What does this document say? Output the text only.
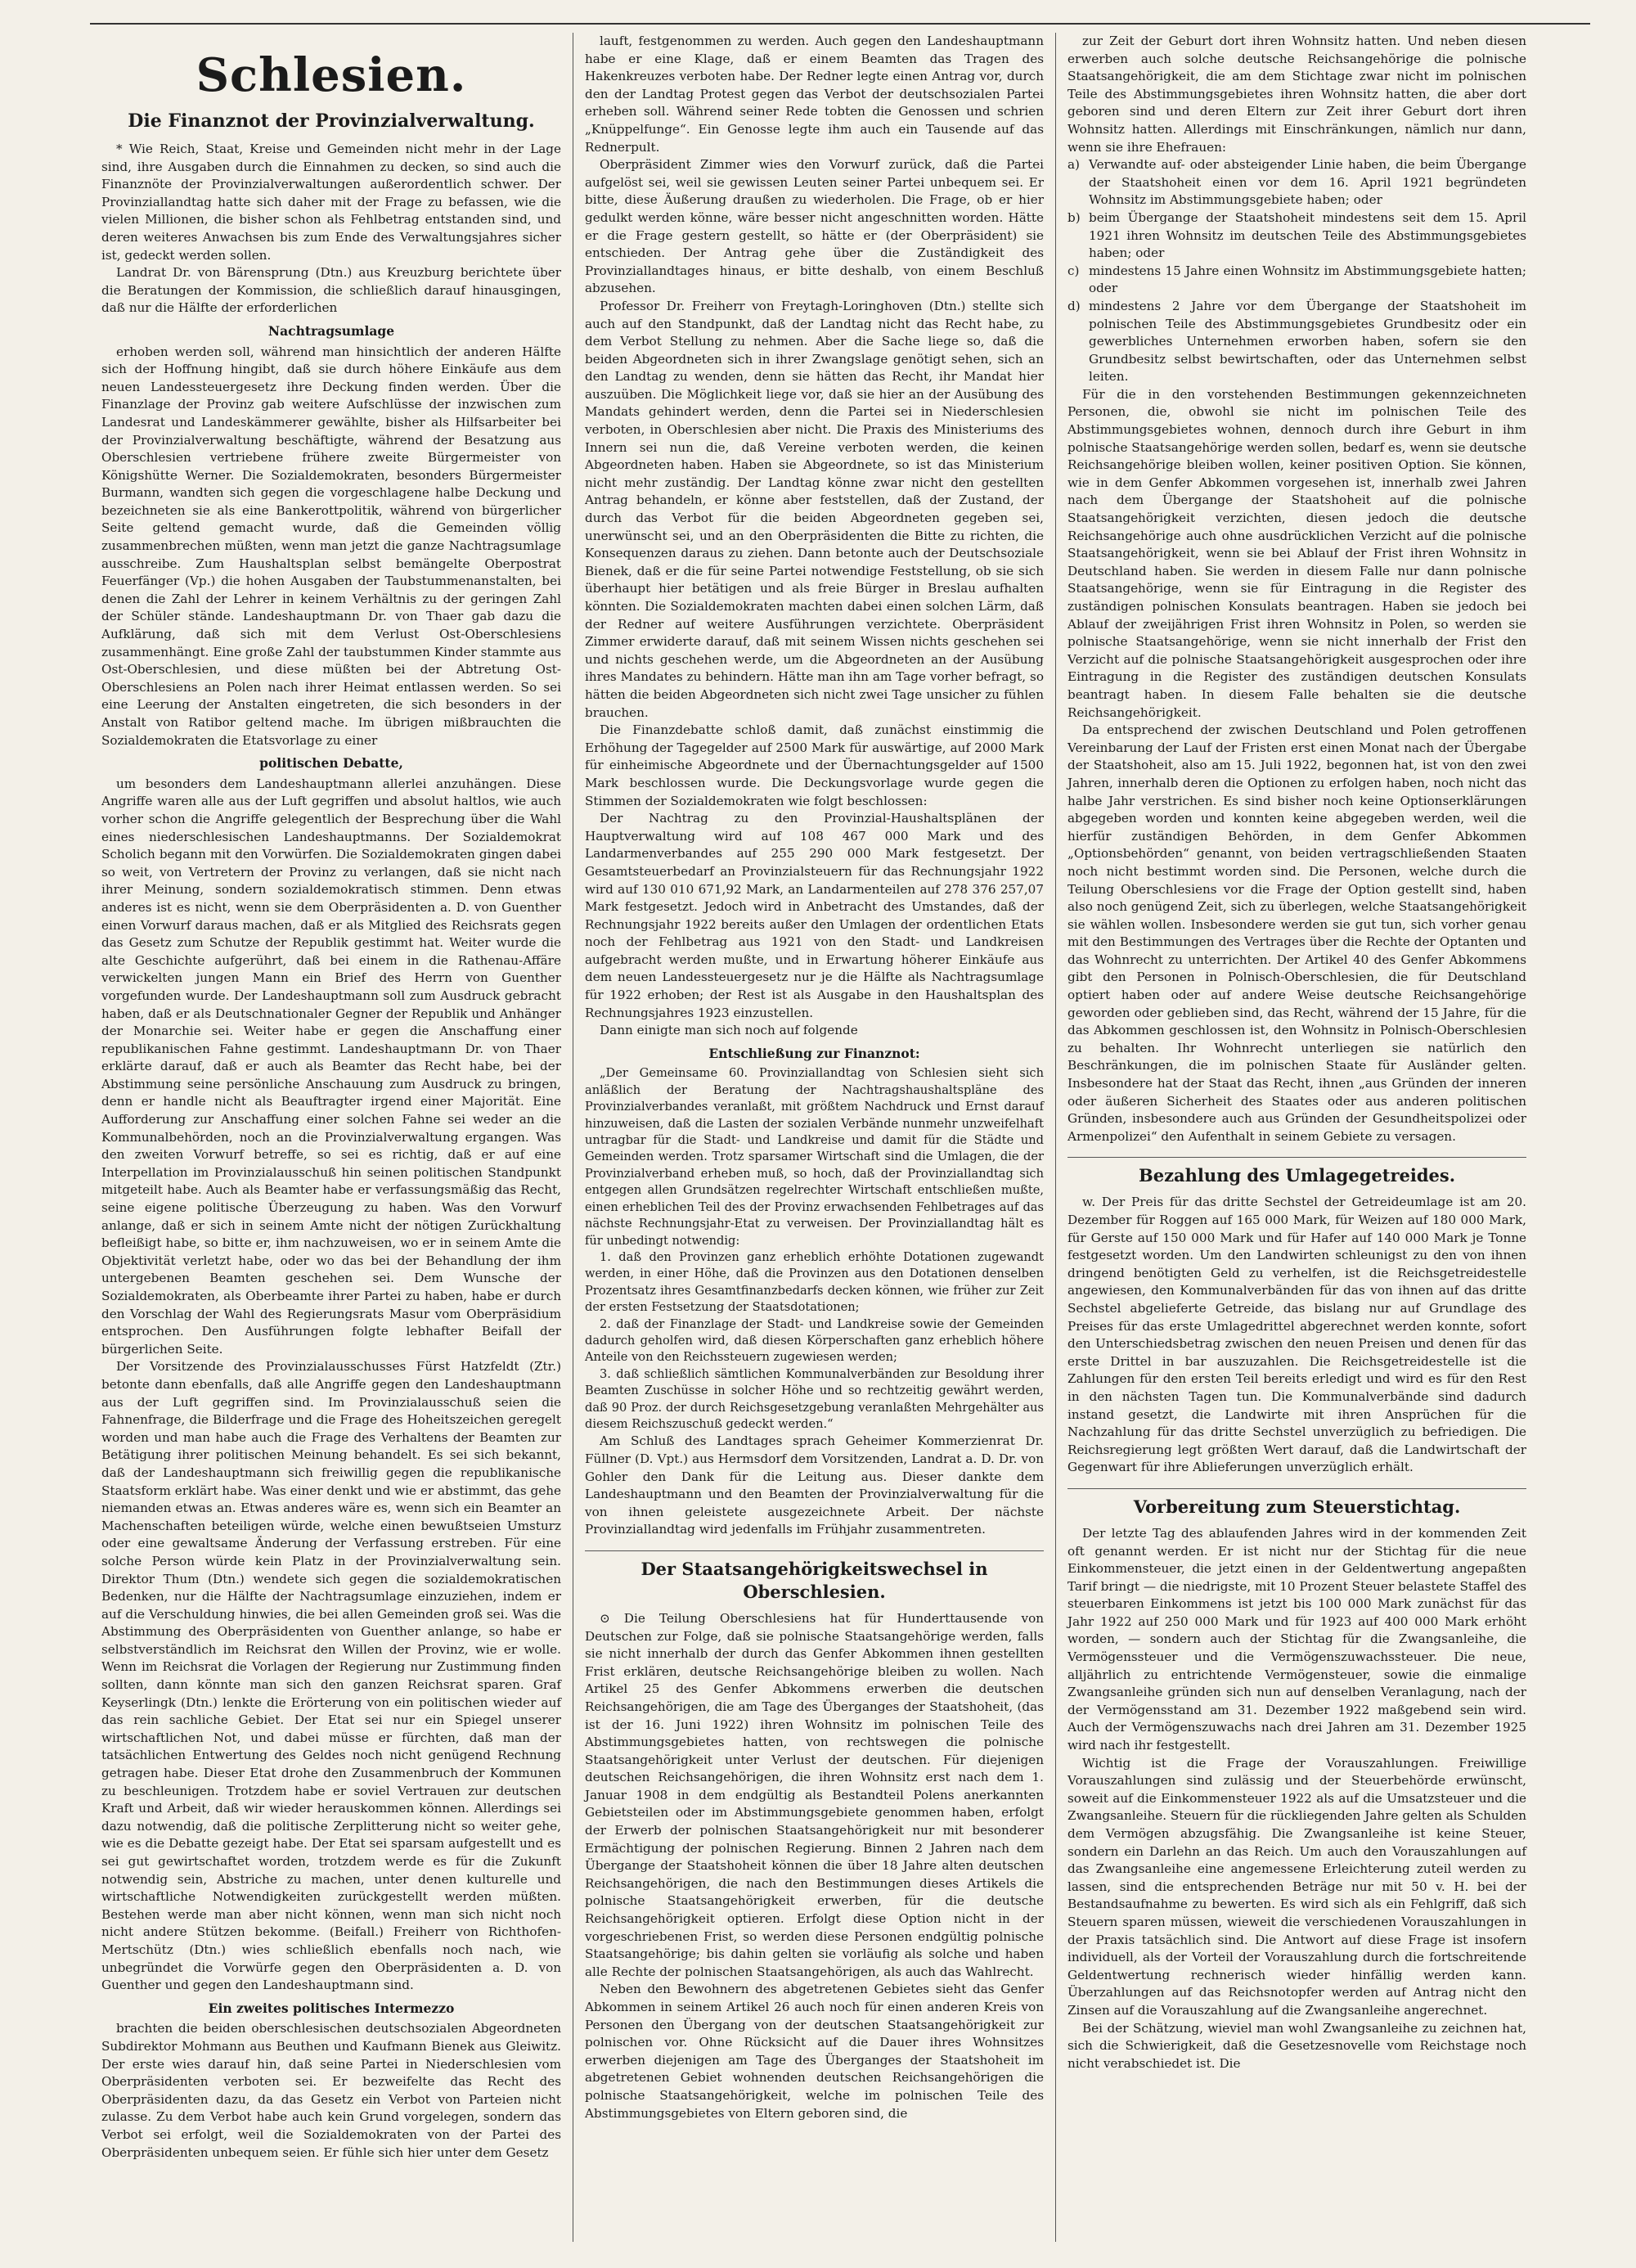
Schlesien.
Die Finanznot der Provinzialverwaltung.

* Wie Reich, Staat, Kreise und Gemeinden nicht mehr in der Lage sind, ihre Ausgaben durch die Einnahmen zu decken, so sind auch die Finanznöte der Provinzialverwaltungen außerordentlich schwer. Der Provinziallandtag hatte sich daher mit der Frage zu befassen, wie die vielen Millionen, die bisher schon als Fehlbetrag entstanden sind, und deren weiteres Anwachsen bis zum Ende des Verwaltungsjahres sicher ist, gedeckt werden sollen.

Landrat Dr. von Bärensprung (Dtn.) aus Kreuzburg berichtete über die Beratungen der Kommission, die schließlich darauf hinausgingen, daß nur die Hälfte der erforderlichen

Nachtragsumlage

erhoben werden soll, während man hinsichtlich der anderen Hälfte sich der Hoffnung hingibt, daß sie durch höhere Einkäufe aus dem neuen Landessteuergesetz ihre Deckung finden werden. Über die Finanzlage der Provinz gab weitere Aufschlüsse der inzwischen zum Landesrat und Landeskämmerer gewählte, bisher als Hilfsarbeiter bei der Provinzialverwaltung beschäftigte, während der Besatzung aus Oberschlesien vertriebene frühere zweite Bürgermeister von Königshütte Werner. Die Sozialdemokraten, besonders Bürgermeister Burmann, wandten sich gegen die vorgeschlagene halbe Deckung und bezeichneten sie als eine Bankerottpolitik, während von bürgerlicher Seite geltend gemacht wurde, daß die Gemeinden völlig zusammenbrechen müßten, wenn man jetzt die ganze Nachtragsumlage ausschreibe. Zum Haushaltsplan selbst bemängelte Oberpostrat Feuerfänger (Vp.) die hohen Ausgaben der Taubstummenanstalten, bei denen die Zahl der Lehrer in keinem Verhältnis zu der geringen Zahl der Schüler stände. Landeshauptmann Dr. von Thaer gab dazu die Aufklärung, daß sich mit dem Verlust Ost-Oberschlesiens zusammenhängt. Eine große Zahl der taubstummen Kinder stammte aus Ost-Oberschlesien, und diese müßten bei der Abtretung Ost-Oberschlesiens an Polen nach ihrer Heimat entlassen werden. So sei eine Leerung der Anstalten eingetreten, die sich besonders in der Anstalt von Ratibor geltend mache. Im übrigen mißbrauchten die Sozialdemokraten die Etatsvorlage zu einer

politischen Debatte,

um besonders dem Landeshauptmann allerlei anzuhängen. Diese Angriffe waren alle aus der Luft gegriffen und absolut haltlos, wie auch vorher schon die Angriffe gelegentlich der Besprechung über die Wahl eines niederschlesischen Landeshauptmanns. Der Sozialdemokrat Scholich begann mit den Vorwürfen. Die Sozialdemokraten gingen dabei so weit, von Vertretern der Provinz zu verlangen, daß sie nicht nach ihrer Meinung, sondern sozialdemokratisch stimmen. Denn etwas anderes ist es nicht, wenn sie dem Oberpräsidenten a. D. von Guenther einen Vorwurf daraus machen, daß er als Mitglied des Reichsrats gegen das Gesetz zum Schutze der Republik gestimmt hat. Weiter wurde die alte Geschichte aufgerührt, daß bei einem in die Rathenau-Affäre verwickelten jungen Mann ein Brief des Herrn von Guenther vorgefunden wurde. Der Landeshauptmann soll zum Ausdruck gebracht haben, daß er als Deutschnationaler Gegner der Republik und Anhänger der Monarchie sei. Weiter habe er gegen die Anschaffung einer republikanischen Fahne gestimmt. Landeshauptmann Dr. von Thaer erklärte darauf, daß er auch als Beamter das Recht habe, bei der Abstimmung seine persönliche Anschauung zum Ausdruck zu bringen, denn er handle nicht als Beauftragter irgend einer Majorität. Eine Aufforderung zur Anschaffung einer solchen Fahne sei weder an die Kommunalbehörden, noch an die Provinzialverwaltung ergangen. Was den zweiten Vorwurf betreffe, so sei es richtig, daß er auf eine Interpellation im Provinzialausschuß hin seinen politischen Standpunkt mitgeteilt habe. Auch als Beamter habe er verfassungsmäßig das Recht, seine eigene politische Überzeugung zu haben. Was den Vorwurf anlange, daß er sich in seinem Amte nicht der nötigen Zurückhaltung befleißigt habe, so bitte er, ihm nachzuweisen, wo er in seinem Amte die Objektivität verletzt habe, oder wo das bei der Behandlung der ihm untergebenen Beamten geschehen sei. Dem Wunsche der Sozialdemokraten, als Oberbeamte ihrer Partei zu haben, habe er durch den Vorschlag der Wahl des Regierungsrats Masur vom Oberpräsidium entsprochen. Den Ausführungen folgte lebhafter Beifall der bürgerlichen Seite.

Der Vorsitzende des Provinzialausschusses Fürst Hatzfeldt (Ztr.) betonte dann ebenfalls, daß alle Angriffe gegen den Landeshauptmann aus der Luft gegriffen sind. Im Provinzialausschuß seien die Fahnenfrage, die Bilderfrage und die Frage des Hoheitszeichen geregelt worden und man habe auch die Frage des Verhaltens der Beamten zur Betätigung ihrer politischen Meinung behandelt. Es sei sich bekannt, daß der Landeshauptmann sich freiwillig gegen die republikanische Staatsform erklärt habe. Was einer denkt und wie er abstimmt, das gehe niemanden etwas an. Etwas anderes wäre es, wenn sich ein Beamter an Machenschaften beteiligen würde, welche einen bewußtseien Umsturz oder eine gewaltsame Änderung der Verfassung erstreben. Für eine solche Person würde kein Platz in der Provinzialverwaltung sein. Direktor Thum (Dtn.) wendete sich gegen die sozialdemokratischen Bedenken, nur die Hälfte der Nachtragsumlage einzuziehen, indem er auf die Verschuldung hinwies, die bei allen Gemeinden groß sei. Was die Abstimmung des Oberpräsidenten von Guenther anlange, so habe er selbstverständlich im Reichsrat den Willen der Provinz, wie er wolle. Wenn im Reichsrat die Vorlagen der Regierung nur Zustimmung finden sollten, dann könnte man sich den ganzen Reichsrat sparen. Graf Keyserlingk (Dtn.) lenkte die Erörterung von ein politischen wieder auf das rein sachliche Gebiet. Der Etat sei nur ein Spiegel unserer wirtschaftlichen Not, und dabei müsse er fürchten, daß man der tatsächlichen Entwertung des Geldes noch nicht genügend Rechnung getragen habe. Dieser Etat drohe den Zusammenbruch der Kommunen zu beschleunigen. Trotzdem habe er soviel Vertrauen zur deutschen Kraft und Arbeit, daß wir wieder herauskommen können. Allerdings sei dazu notwendig, daß die politische Zerplitterung nicht so weiter gehe, wie es die Debatte gezeigt habe. Der Etat sei sparsam aufgestellt und es sei gut gewirtschaftet worden, trotzdem werde es für die Zukunft notwendig sein, Abstriche zu machen, unter denen kulturelle und wirtschaftliche Notwendigkeiten zurückgestellt werden müßten. Bestehen werde man aber nicht können, wenn man sich nicht noch nicht andere Stützen bekomme. (Beifall.) Freiherr von Richthofen-Mertschütz (Dtn.) wies schließlich ebenfalls noch nach, wie unbegründet die Vorwürfe gegen den Oberpräsidenten a. D. von Guenther und gegen den Landeshauptmann sind.

Ein zweites politisches Intermezzo

brachten die beiden oberschlesischen deutschsozialen Abgeordneten Subdirektor Mohmann aus Beuthen und Kaufmann Bienek aus Gleiwitz. Der erste wies darauf hin, daß seine Partei in Niederschlesien vom Oberpräsidenten verboten sei. Er bezweifelte das Recht des Oberpräsidenten dazu, da das Gesetz ein Verbot von Parteien nicht zulasse. Zu dem Verbot habe auch kein Grund vorgelegen, sondern das Verbot sei erfolgt, weil die Sozialdemokraten von der Partei des Oberpräsidenten unbequem seien. Er fühle sich hier unter dem Gesetz

lauft, festgenommen zu werden. Auch gegen den Landeshauptmann habe er eine Klage, daß er einem Beamten das Tragen des Hakenkreuzes verboten habe. Der Redner legte einen Antrag vor, durch den der Landtag Protest gegen das Verbot der deutschsozialen Partei erheben soll. Während seiner Rede tobten die Genossen und schrien „Knüppelfunge“. Ein Genosse legte ihm auch ein Tausende auf das Rednerpult.

Oberpräsident Zimmer wies den Vorwurf zurück, daß die Partei aufgelöst sei, weil sie gewissen Leuten seiner Partei unbequem sei. Er bitte, diese Äußerung draußen zu wiederholen. Die Frage, ob er hier gedulkt werden könne, wäre besser nicht angeschnitten worden. Hätte er die Frage gestern gestellt, so hätte er (der Oberpräsident) sie entschieden. Der Antrag gehe über die Zuständigkeit des Provinziallandtages hinaus, er bitte deshalb, von einem Beschluß abzusehen.

Professor Dr. Freiherr von Freytagh-Loringhoven (Dtn.) stellte sich auch auf den Standpunkt, daß der Landtag nicht das Recht habe, zu dem Verbot Stellung zu nehmen. Aber die Sache liege so, daß die beiden Abgeordneten sich in ihrer Zwangslage genötigt sehen, sich an den Landtag zu wenden, denn sie hätten das Recht, ihr Mandat hier auszuüben. Die Möglichkeit liege vor, daß sie hier an der Ausübung des Mandats gehindert werden, denn die Partei sei in Niederschlesien verboten, in Oberschlesien aber nicht. Die Praxis des Ministeriums des Innern sei nun die, daß Vereine verboten werden, die keinen Abgeordneten haben. Haben sie Abgeordnete, so ist das Ministerium nicht mehr zuständig. Der Landtag könne zwar nicht den gestellten Antrag behandeln, er könne aber feststellen, daß der Zustand, der durch das Verbot für die beiden Abgeordneten gegeben sei, unerwünscht sei, und an den Oberpräsidenten die Bitte zu richten, die Konsequenzen daraus zu ziehen. Dann betonte auch der Deutschsoziale Bienek, daß er die für seine Partei notwendige Feststellung, ob sie sich überhaupt hier betätigen und als freie Bürger in Breslau aufhalten könnten. Die Sozialdemokraten machten dabei einen solchen Lärm, daß der Redner auf weitere Ausführungen verzichtete. Oberpräsident Zimmer erwiderte darauf, daß mit seinem Wissen nichts geschehen sei und nichts geschehen werde, um die Abgeordneten an der Ausübung ihres Mandates zu behindern. Hätte man ihn am Tage vorher befragt, so hätten die beiden Abgeordneten sich nicht zwei Tage unsicher zu fühlen brauchen.

Die Finanzdebatte schloß damit, daß zunächst einstimmig die Erhöhung der Tagegelder auf 2500 Mark für auswärtige, auf 2000 Mark für einheimische Abgeordnete und der Übernachtungsgelder auf 1500 Mark beschlossen wurde. Die Deckungsvorlage wurde gegen die Stimmen der Sozialdemokraten wie folgt beschlossen:

Der Nachtrag zu den Provinzial-Haushaltsplänen der Hauptverwaltung wird auf 108 467 000 Mark und des Landarmenverbandes auf 255 290 000 Mark festgesetzt. Der Gesamtsteuerbedarf an Provinzialsteuern für das Rechnungsjahr 1922 wird auf 130 010 671,92 Mark, an Landarmenteilen auf 278 376 257,07 Mark festgesetzt. Jedoch wird in Anbetracht des Umstandes, daß der Rechnungsjahr 1922 bereits außer den Umlagen der ordentlichen Etats noch der Fehlbetrag aus 1921 von den Stadt- und Landkreisen aufgebracht werden mußte, und in Erwartung höherer Einkäufe aus dem neuen Landessteuergesetz nur je die Hälfte als Nachtragsumlage für 1922 erhoben; der Rest ist als Ausgabe in den Haushaltsplan des Rechnungsjahres 1923 einzustellen.

Dann einigte man sich noch auf folgende

Entschließung zur Finanznot:

„Der Gemeinsame 60. Provinziallandtag von Schlesien sieht sich anläßlich der Beratung der Nachtragshaushaltspläne des Provinzialverbandes veranlaßt, mit größtem Nachdruck und Ernst darauf hinzuweisen, daß die Lasten der sozialen Verbände nunmehr unzweifelhaft untragbar für die Stadt- und Landkreise und damit für die Städte und Gemeinden werden. Trotz sparsamer Wirtschaft sind die Umlagen, die der Provinzialverband erheben muß, so hoch, daß der Provinziallandtag sich entgegen allen Grundsätzen regelrechter Wirtschaft entschließen mußte, einen erheblichen Teil des der Provinz erwachsenden Fehlbetrages auf das nächste Rechnungsjahr-Etat zu verweisen. Der Provinziallandtag hält es für unbedingt notwendig:

1. daß den Provinzen ganz erheblich erhöhte Dotationen zugewandt werden, in einer Höhe, daß die Provinzen aus den Dotationen denselben Prozentsatz ihres Gesamtfinanzbedarfs decken können, wie früher zur Zeit der ersten Festsetzung der Staatsdotationen;

2. daß der Finanzlage der Stadt- und Landkreise sowie der Gemeinden dadurch geholfen wird, daß diesen Körperschaften ganz erheblich höhere Anteile von den Reichssteuern zugewiesen werden;

3. daß schließlich sämtlichen Kommunalverbänden zur Besoldung ihrer Beamten Zuschüsse in solcher Höhe und so rechtzeitig gewährt werden, daß 90 Proz. der durch Reichsgesetzgebung veranlaßten Mehrgehälter aus diesem Reichszuschuß gedeckt werden.“

Am Schluß des Landtages sprach Geheimer Kommerzienrat Dr. Füllner (D. Vpt.) aus Hermsdorf dem Vorsitzenden, Landrat a. D. Dr. von Gohler den Dank für die Leitung aus. Dieser dankte dem Landeshauptmann und den Beamten der Provinzialverwaltung für die von ihnen geleistete ausgezeichnete Arbeit. Der nächste Provinziallandtag wird jedenfalls im Frühjahr zusammentreten.

Der Staatsangehörigkeitswechsel in Oberschlesien.

⊙ Die Teilung Oberschlesiens hat für Hunderttausende von Deutschen zur Folge, daß sie polnische Staatsangehörige werden, falls sie nicht innerhalb der durch das Genfer Abkommen ihnen gestellten Frist erklären, deutsche Reichsangehörige bleiben zu wollen. Nach Artikel 25 des Genfer Abkommens erwerben die deutschen Reichsangehörigen, die am Tage des Überganges der Staatshoheit, (das ist der 16. Juni 1922) ihren Wohnsitz im polnischen Teile des Abstimmungsgebietes hatten, von rechtswegen die polnische Staatsangehörigkeit unter Verlust der deutschen. Für diejenigen deutschen Reichsangehörigen, die ihren Wohnsitz erst nach dem 1. Januar 1908 in dem endgültig als Bestandteil Polens anerkannten Gebietsteilen oder im Abstimmungsgebiete genommen haben, erfolgt der Erwerb der polnischen Staatsangehörigkeit nur mit besonderer Ermächtigung der polnischen Regierung. Binnen 2 Jahren nach dem Übergange der Staatshoheit können die über 18 Jahre alten deutschen Reichsangehörigen, die nach den Bestimmungen dieses Artikels die polnische Staatsangehörigkeit erwerben, für die deutsche Reichsangehörigkeit optieren. Erfolgt diese Option nicht in der vorgeschriebenen Frist, so werden diese Personen endgültig polnische Staatsangehörige; bis dahin gelten sie vorläufig als solche und haben alle Rechte der polnischen Staatsangehörigen, als auch das Wahlrecht.

Neben den Bewohnern des abgetretenen Gebietes sieht das Genfer Abkommen in seinem Artikel 26 auch noch für einen anderen Kreis von Personen den Übergang von der deutschen Staatsangehörigkeit zur polnischen vor. Ohne Rücksicht auf die Dauer ihres Wohnsitzes erwerben diejenigen am Tage des Überganges der Staatshoheit im abgetretenen Gebiet wohnenden deutschen Reichsangehörigen die polnische Staatsangehörigkeit, welche im polnischen Teile des Abstimmungsgebietes von Eltern geboren sind, die

zur Zeit der Geburt dort ihren Wohnsitz hatten. Und neben diesen erwerben auch solche deutsche Reichsangehörige die polnische Staatsangehörigkeit, die am dem Stichtage zwar nicht im polnischen Teile des Abstimmungsgebietes ihren Wohnsitz hatten, die aber dort geboren sind und deren Eltern zur Zeit ihrer Geburt dort ihren Wohnsitz hatten. Allerdings mit Einschränkungen, nämlich nur dann, wenn sie ihre Ehefrauen:

a) Verwandte auf- oder absteigender Linie haben, die beim Übergange der Staatshoheit einen vor dem 16. April 1921 begründeten Wohnsitz im Abstimmungsgebiete haben; oder

b) beim Übergange der Staatshoheit mindestens seit dem 15. April 1921 ihren Wohnsitz im deutschen Teile des Abstimmungsgebietes haben; oder

c) mindestens 15 Jahre einen Wohnsitz im Abstimmungsgebiete hatten; oder

d) mindestens 2 Jahre vor dem Übergange der Staatshoheit im polnischen Teile des Abstimmungsgebietes Grundbesitz oder ein gewerbliches Unternehmen erworben haben, sofern sie den Grundbesitz selbst bewirtschaften, oder das Unternehmen selbst leiten.

Für die in den vorstehenden Bestimmungen gekennzeichneten Personen, die, obwohl sie nicht im polnischen Teile des Abstimmungsgebietes wohnen, dennoch durch ihre Geburt in ihm polnische Staatsangehörige werden sollen, bedarf es, wenn sie deutsche Reichsangehörige bleiben wollen, keiner positiven Option. Sie können, wie in dem Genfer Abkommen vorgesehen ist, innerhalb zwei Jahren nach dem Übergange der Staatshoheit auf die polnische Staatsangehörigkeit verzichten, diesen jedoch die deutsche Reichsangehörige auch ohne ausdrücklichen Verzicht auf die polnische Staatsangehörigkeit, wenn sie bei Ablauf der Frist ihren Wohnsitz in Deutschland haben. Sie werden in diesem Falle nur dann polnische Staatsangehörige, wenn sie für Eintragung in die Register des zuständigen polnischen Konsulats beantragen. Haben sie jedoch bei Ablauf der zweijährigen Frist ihren Wohnsitz in Polen, so werden sie polnische Staatsangehörige, wenn sie nicht innerhalb der Frist den Verzicht auf die polnische Staatsangehörigkeit ausgesprochen oder ihre Eintragung in die Register des zuständigen deutschen Konsulats beantragt haben. In diesem Falle behalten sie die deutsche Reichsangehörigkeit.

Da entsprechend der zwischen Deutschland und Polen getroffenen Vereinbarung der Lauf der Fristen erst einen Monat nach der Übergabe der Staatshoheit, also am 15. Juli 1922, begonnen hat, ist von den zwei Jahren, innerhalb deren die Optionen zu erfolgen haben, noch nicht das halbe Jahr verstrichen. Es sind bisher noch keine Optionserklärungen abgegeben worden und konnten keine abgegeben werden, weil die hierfür zuständigen Behörden, in dem Genfer Abkommen „Optionsbehörden“ genannt, von beiden vertragschließenden Staaten noch nicht bestimmt worden sind. Die Personen, welche durch die Teilung Oberschlesiens vor die Frage der Option gestellt sind, haben also noch genügend Zeit, sich zu überlegen, welche Staatsangehörigkeit sie wählen wollen. Insbesondere werden sie gut tun, sich vorher genau mit den Bestimmungen des Vertrages über die Rechte der Optanten und das Wohnrecht zu unterrichten. Der Artikel 40 des Genfer Abkommens gibt den Personen in Polnisch-Oberschlesien, die für Deutschland optiert haben oder auf andere Weise deutsche Reichsangehörige geworden oder geblieben sind, das Recht, während der 15 Jahre, für die das Abkommen geschlossen ist, den Wohnsitz in Polnisch-Oberschlesien zu behalten. Ihr Wohnrecht unterliegen sie natürlich den Beschränkungen, die im polnischen Staate für Ausländer gelten. Insbesondere hat der Staat das Recht, ihnen „aus Gründen der inneren oder äußeren Sicherheit des Staates oder aus anderen politischen Gründen, insbesondere auch aus Gründen der Gesundheitspolizei oder Armenpolizei“ den Aufenthalt in seinem Gebiete zu versagen.

Bezahlung des Umlagegetreides.

w. Der Preis für das dritte Sechstel der Getreideumlage ist am 20. Dezember für Roggen auf 165 000 Mark, für Weizen auf 180 000 Mark, für Gerste auf 150 000 Mark und für Hafer auf 140 000 Mark je Tonne festgesetzt worden. Um den Landwirten schleunigst zu den von ihnen dringend benötigten Geld zu verhelfen, ist die Reichsgetreidestelle angewiesen, den Kommunalverbänden für das von ihnen auf das dritte Sechstel abgelieferte Getreide, das bislang nur auf Grundlage des Preises für das erste Umlagedrittel abgerechnet werden konnte, sofort den Unterschiedsbetrag zwischen den neuen Preisen und denen für das erste Drittel in bar auszuzahlen. Die Reichsgetreidestelle ist die Zahlungen für den ersten Teil bereits erledigt und wird es für den Rest in den nächsten Tagen tun. Die Kommunalverbände sind dadurch instand gesetzt, die Landwirte mit ihren Ansprüchen für die Nachzahlung für das dritte Sechstel unverzüglich zu befriedigen. Die Reichsregierung legt größten Wert darauf, daß die Landwirtschaft der Gegenwart für ihre Ablieferungen unverzüglich erhält.

Vorbereitung zum Steuerstichtag.

Der letzte Tag des ablaufenden Jahres wird in der kommenden Zeit oft genannt werden. Er ist nicht nur der Stichtag für die neue Einkommensteuer, die jetzt einen in der Geldentwertung angepaßten Tarif bringt — die niedrigste, mit 10 Prozent Steuer belastete Staffel des steuerbaren Einkommens ist jetzt bis 100 000 Mark zunächst für das Jahr 1922 auf 250 000 Mark und für 1923 auf 400 000 Mark erhöht worden, — sondern auch der Stichtag für die Zwangsanleihe, die Vermögenssteuer und die Vermögenszuwachssteuer. Die neue, alljährlich zu entrichtende Vermögensteuer, sowie die einmalige Zwangsanleihe gründen sich nun auf denselben Veranlagung, nach der der Vermögensstand am 31. Dezember 1922 maßgebend sein wird. Auch der Vermögenszuwachs nach drei Jahren am 31. Dezember 1925 wird nach ihr festgestellt.

Wichtig ist die Frage der Vorauszahlungen. Freiwillige Vorauszahlungen sind zulässig und der Steuerbehörde erwünscht, soweit auf die Einkommensteuer 1922 als auf die Umsatzsteuer und die Zwangsanleihe. Steuern für die rückliegenden Jahre gelten als Schulden dem Vermögen abzugsfähig. Die Zwangsanleihe ist keine Steuer, sondern ein Darlehn an das Reich. Um auch den Vorauszahlungen auf das Zwangsanleihe eine angemessene Erleichterung zuteil werden zu lassen, sind die entsprechenden Beträge nur mit 50 v. H. bei der Bestandsaufnahme zu bewerten. Es wird sich als ein Fehlgriff, daß sich Steuern sparen müssen, wieweit die verschiedenen Vorauszahlungen in der Praxis tatsächlich sind. Die Antwort auf diese Frage ist insofern individuell, als der Vorteil der Vorauszahlung durch die fortschreitende Geldentwertung rechnerisch wieder hinfällig werden kann. Überzahlungen auf das Reichsnotopfer werden auf Antrag nicht den Zinsen auf die Vorauszahlung auf die Zwangsanleihe angerechnet.

Bei der Schätzung, wieviel man wohl Zwangsanleihe zu zeichnen hat, sich die Schwierigkeit, daß die Gesetzesnovelle vom Reichstage noch nicht verabschiedet ist. Die
